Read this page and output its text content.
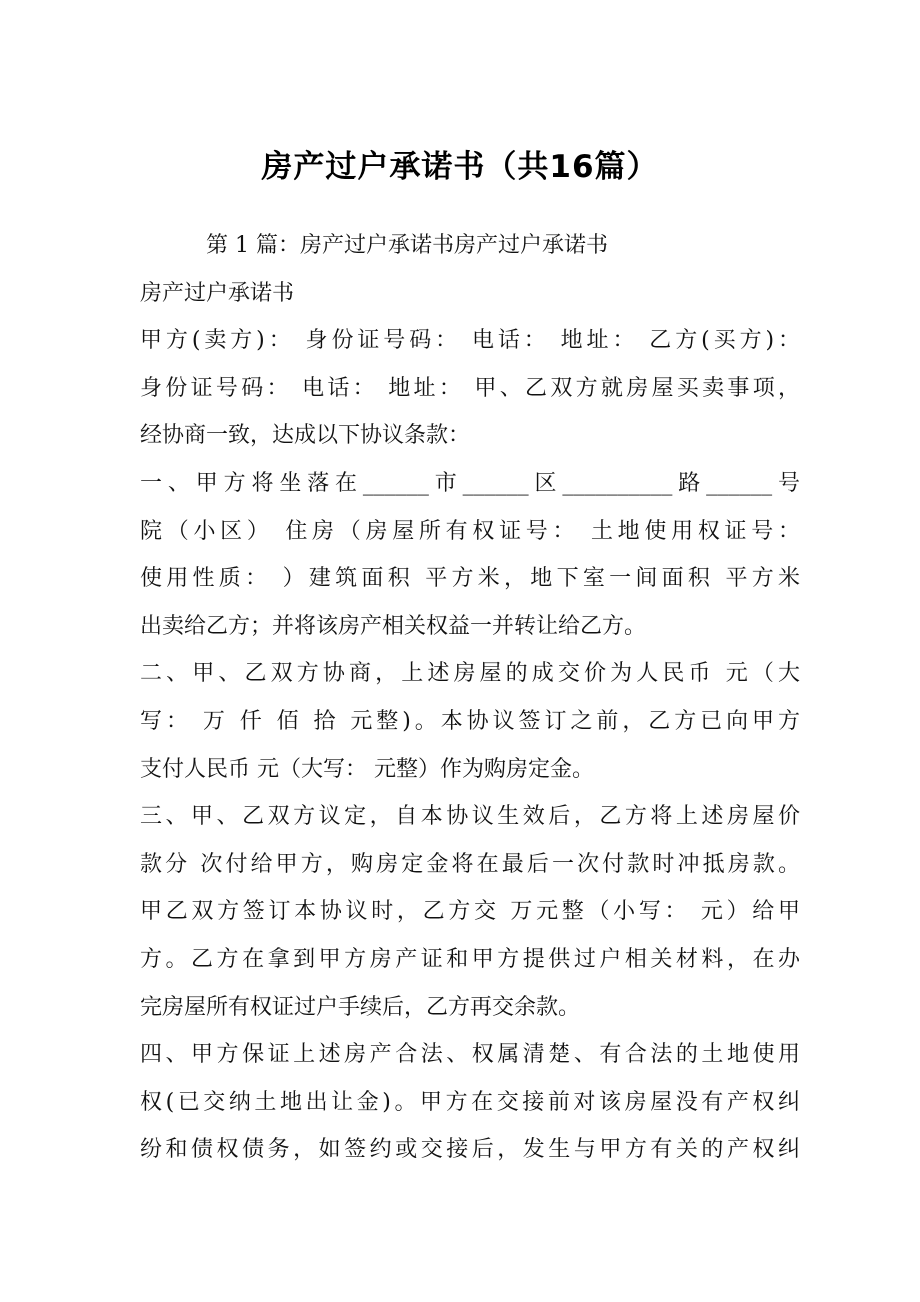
房产过户承诺书（共16篇）
第 1 篇：房产过户承诺书房产过户承诺书
房产过户承诺书
甲方(卖方)： 身份证号码： 电话： 地址： 乙方(买方)：
身份证号码： 电话： 地址： 甲、乙双方就房屋买卖事项，
经协商一致，达成以下协议条款：
一、甲方将坐落在______市______区__________路______号
院（小区） 住房（房屋所有权证号： 土地使用权证号：
使用性质： ）建筑面积 平方米，地下室一间面积 平方米
出卖给乙方；并将该房产相关权益一并转让给乙方。
二、甲、乙双方协商，上述房屋的成交价为人民币 元（大
写： 万 仟 佰 拾 元整)。本协议签订之前，乙方已向甲方
支付人民币 元（大写： 元整）作为购房定金。
三、甲、乙双方议定，自本协议生效后，乙方将上述房屋价
款分 次付给甲方，购房定金将在最后一次付款时冲抵房款。
甲乙双方签订本协议时，乙方交 万元整（小写： 元）给甲
方。乙方在拿到甲方房产证和甲方提供过户相关材料，在办
完房屋所有权证过户手续后，乙方再交余款。
四、甲方保证上述房产合法、权属清楚、有合法的土地使用
权(已交纳土地出让金)。甲方在交接前对该房屋没有产权纠
纷和债权债务，如签约或交接后，发生与甲方有关的产权纠
